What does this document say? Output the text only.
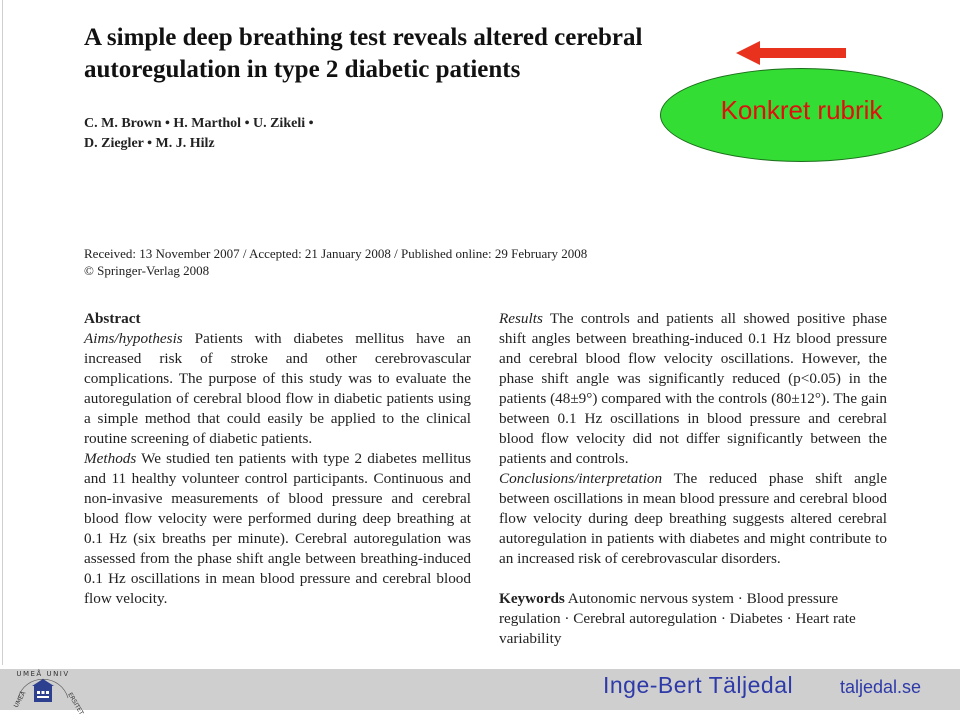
A simple deep breathing test reveals altered cerebral autoregulation in type 2 diabetic patients
C. M. Brown • H. Marthol • U. Zikeli •
D. Ziegler • M. J. Hilz
Received: 13 November 2007 / Accepted: 21 January 2008 / Published online: 29 February 2008
© Springer-Verlag 2008

Abstract

Aims/hypothesis Patients with diabetes mellitus have an increased risk of stroke and other cerebrovascular complications. The purpose of this study was to evaluate the autoregulation of cerebral blood flow in diabetic patients using a simple method that could easily be applied to the clinical routine screening of diabetic patients.

Methods We studied ten patients with type 2 diabetes mellitus and 11 healthy volunteer control participants. Continuous and non-invasive measurements of blood pressure and cerebral blood flow velocity were performed during deep breathing at 0.1 Hz (six breaths per minute). Cerebral autoregulation was assessed from the phase shift angle between breathing-induced 0.1 Hz oscillations in mean blood pressure and cerebral blood flow velocity.

Results The controls and patients all showed positive phase shift angles between breathing-induced 0.1 Hz blood pressure and cerebral blood flow velocity oscillations. However, the phase shift angle was significantly reduced (p<0.05) in the patients (48±9°) compared with the controls (80±12°). The gain between 0.1 Hz oscillations in blood pressure and cerebral blood flow velocity did not differ significantly between the patients and controls.

Conclusions/interpretation The reduced phase shift angle between oscillations in mean blood pressure and cerebral blood flow velocity during deep breathing suggests altered cerebral autoregulation in patients with diabetes and might contribute to an increased risk of cerebrovascular disorders.

Keywords Autonomic nervous system · Blood pressure regulation · Cerebral autoregulation · Diabetes · Heart rate variability

Konkret rubrik
UMEÅ UNIV
UMEÅ	ERSITET
Inge-Bert Täljedal	taljedal.se
